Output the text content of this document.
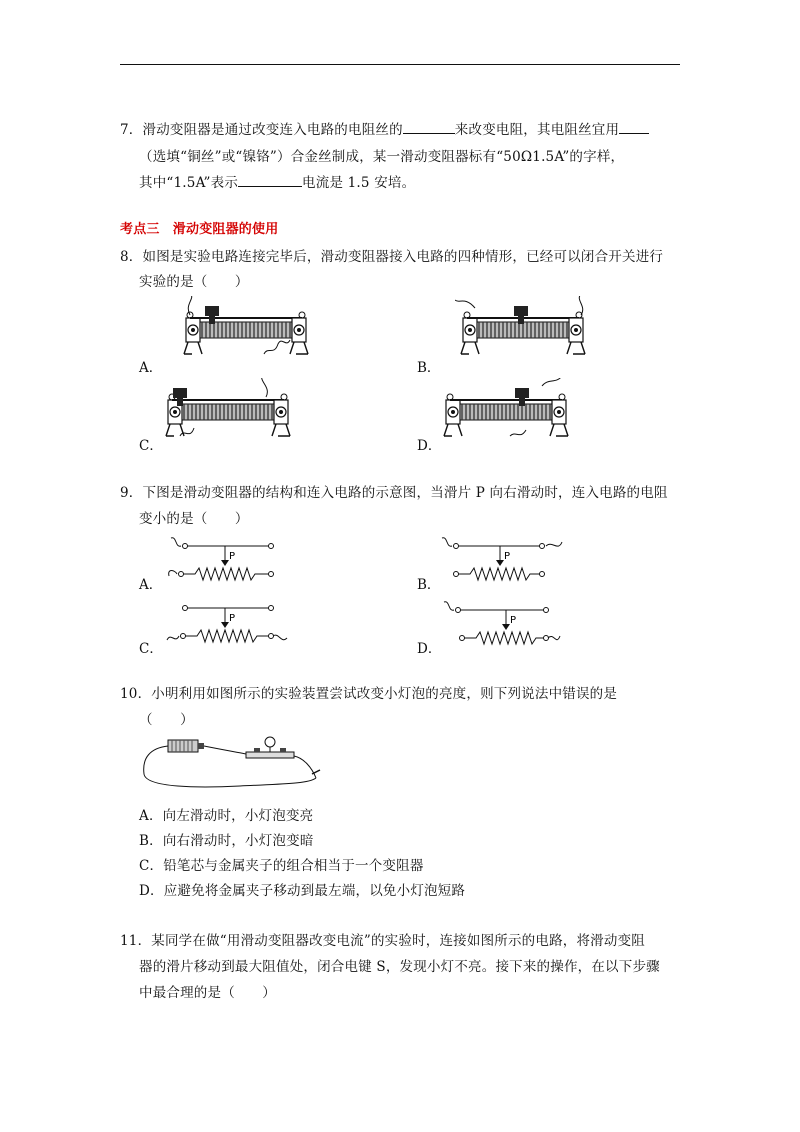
7．滑动变阻器是通过改变连入电路的电阻丝的	来改变电阻，其电阻丝宜用
（选填“铜丝”或“镍铬”）合金丝制成，某一滑动变阻器标有“50Ω1.5A”的字样，
其中“1.5A”表示	电流是 1.5 安培。
考点三　滑动变阻器的使用
8．如图是实验电路连接完毕后，滑动变阻器接入电路的四种情形，已经可以闭合开关进行
实验的是（　　）
A．	B．
C．	D．
9．下图是滑动变阻器的结构和连入电路的示意图，当滑片 P 向右滑动时，连入电路的电阻
变小的是（　　）
A．	B．
C．	D．
P	P
P	P
10．小明利用如图所示的实验装置尝试改变小灯泡的亮度，则下列说法中错误的是
（　　）
A．向左滑动时，小灯泡变亮
B．向右滑动时，小灯泡变暗
C．铅笔芯与金属夹子的组合相当于一个变阻器
D．应避免将金属夹子移动到最左端，以免小灯泡短路
11．某同学在做“用滑动变阻器改变电流”的实验时，连接如图所示的电路，将滑动变阻
器的滑片移动到最大阻值处，闭合电键 S，发现小灯不亮。接下来的操作，在以下步骤
中最合理的是（　　）
